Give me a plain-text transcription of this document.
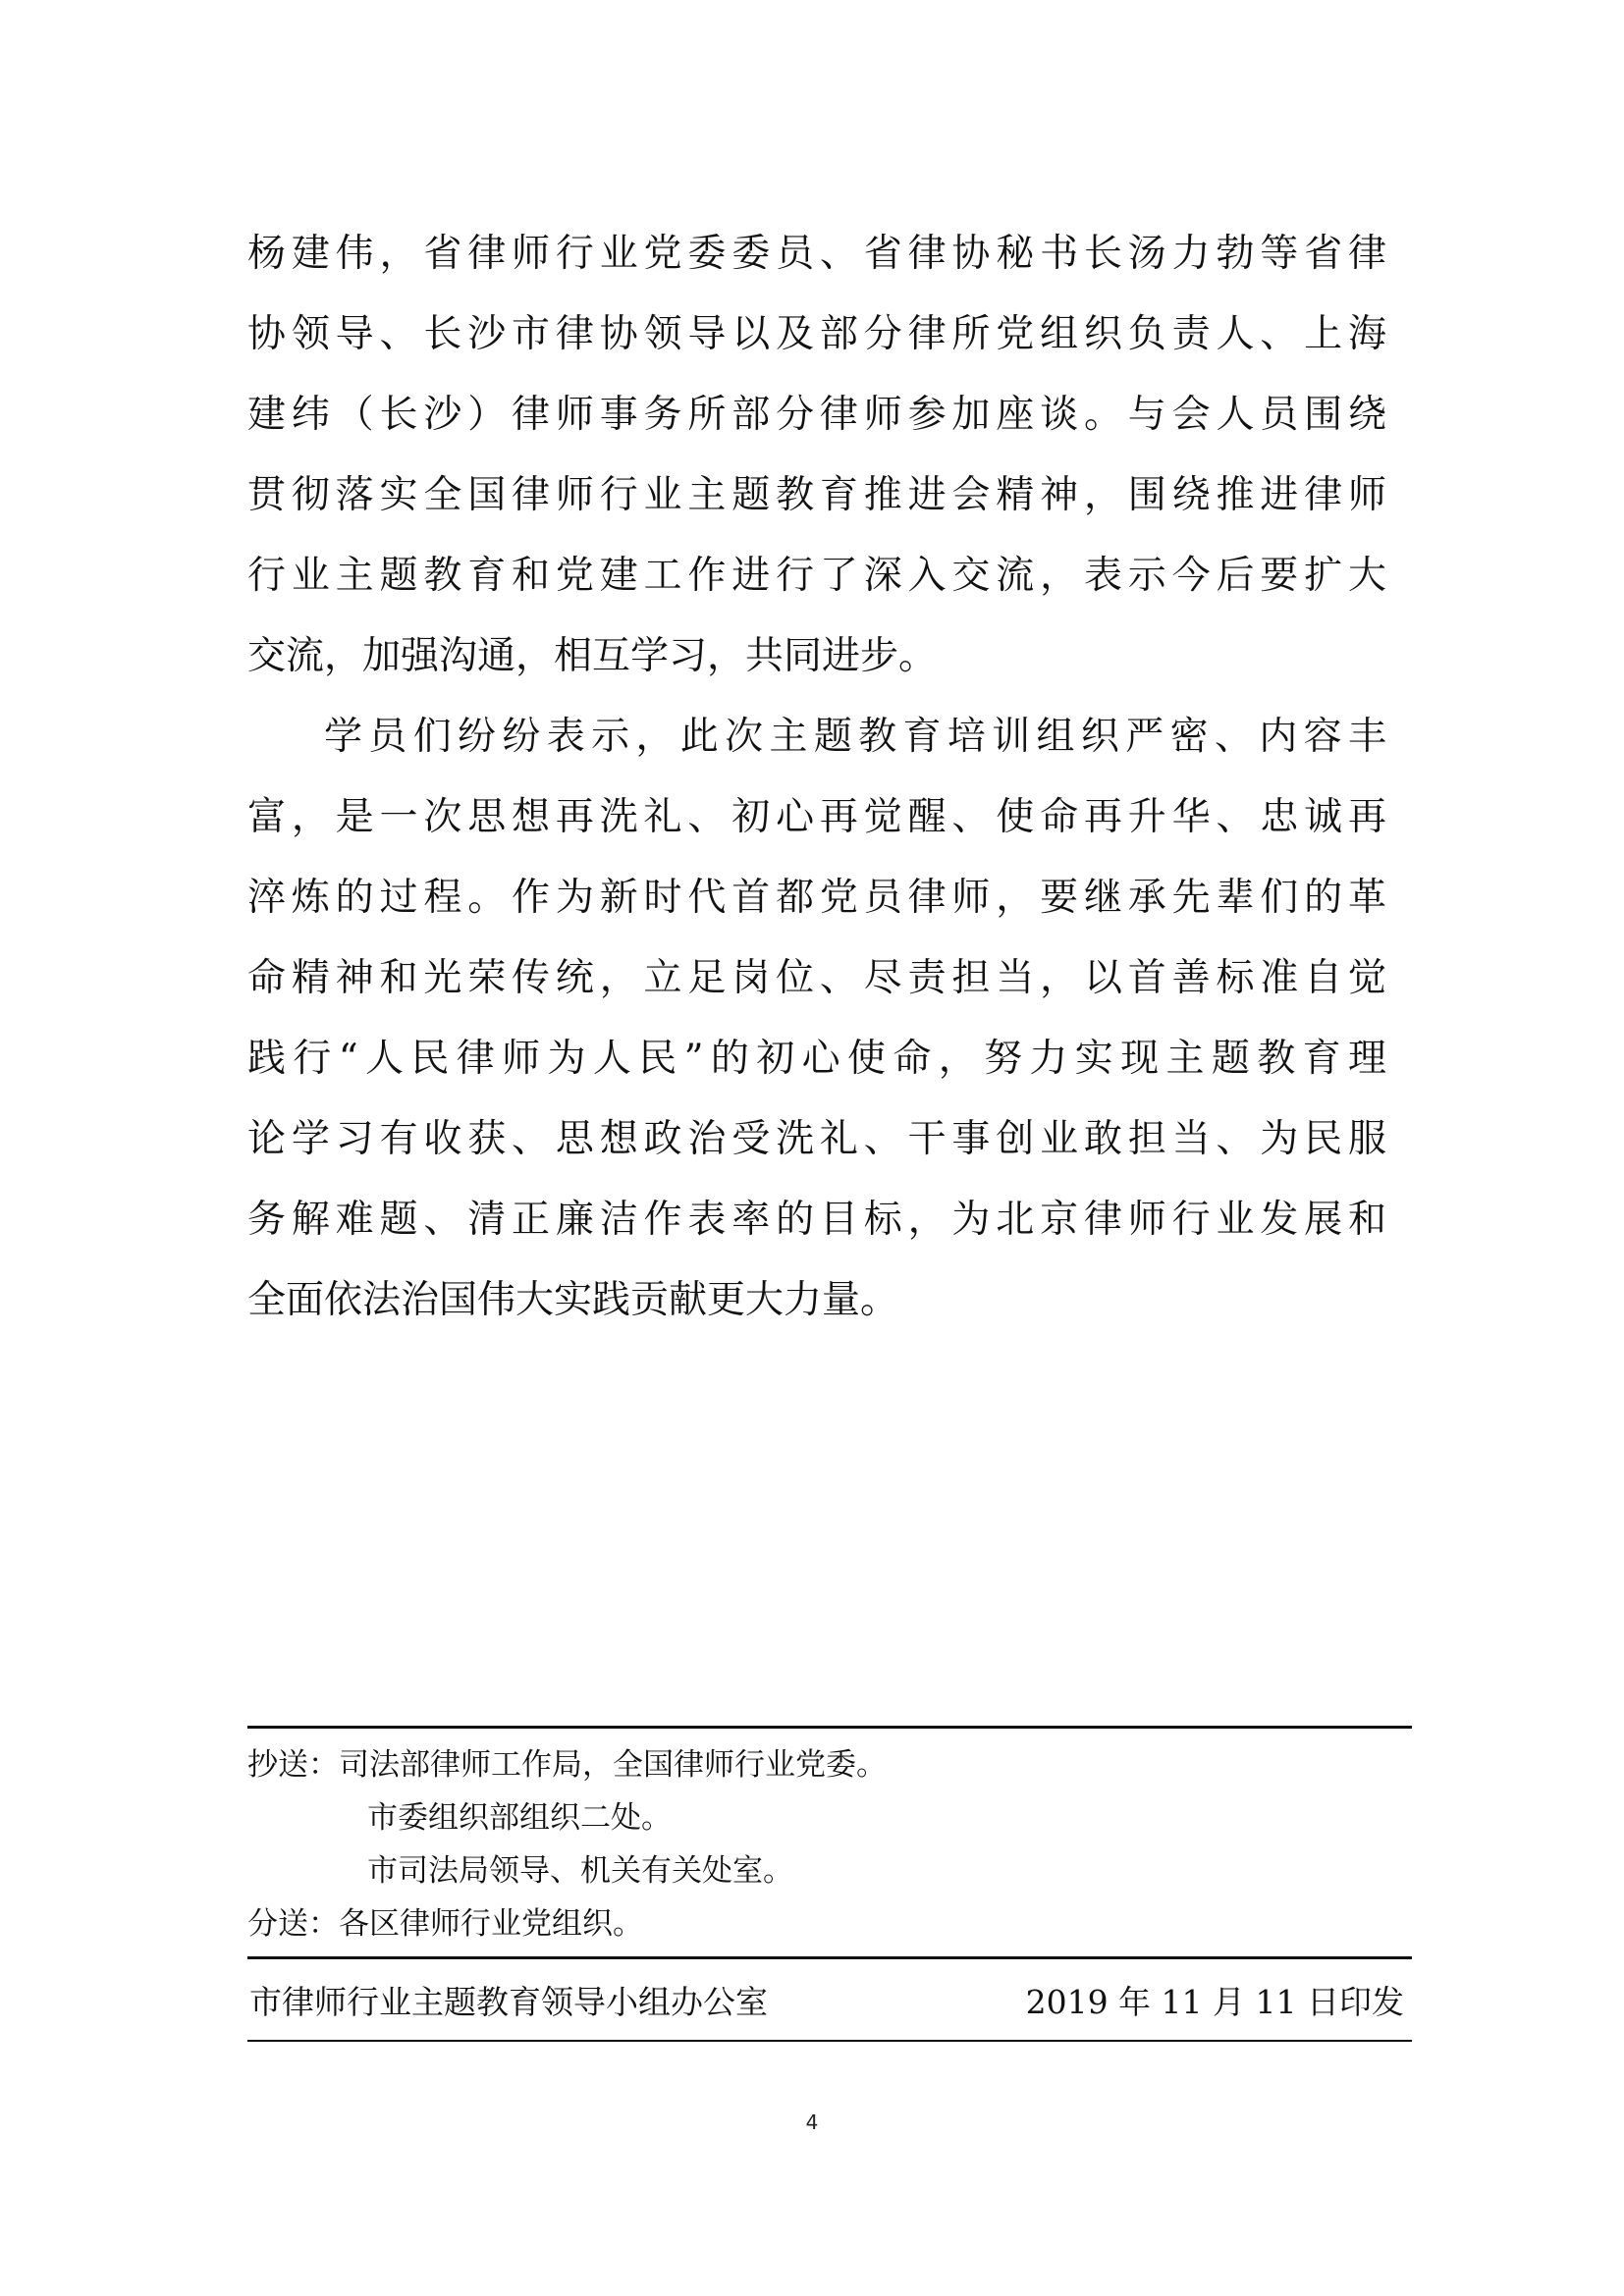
杨建伟，省律师行业党委委员、省律协秘书长汤力勃等省律
协领导、长沙市律协领导以及部分律所党组织负责人、上海
建纬（长沙）律师事务所部分律师参加座谈。与会人员围绕
贯彻落实全国律师行业主题教育推进会精神，围绕推进律师
行业主题教育和党建工作进行了深入交流，表示今后要扩大
交流，加强沟通，相互学习，共同进步。
学员们纷纷表示，此次主题教育培训组织严密、内容丰
富，是一次思想再洗礼、初心再觉醒、使命再升华、忠诚再
淬炼的过程。作为新时代首都党员律师，要继承先辈们的革
命精神和光荣传统，立足岗位、尽责担当，以首善标准自觉
践行“人民律师为人民”的初心使命，努力实现主题教育理
论学习有收获、思想政治受洗礼、干事创业敢担当、为民服
务解难题、清正廉洁作表率的目标，为北京律师行业发展和
全面依法治国伟大实践贡献更大力量。
抄送：司法部律师工作局，全国律师行业党委。
市委组织部组织二处。
市司法局领导、机关有关处室。
分送：各区律师行业党组织。
市律师行业主题教育领导小组办公室	2019 年 11 月 11 日印发
4
